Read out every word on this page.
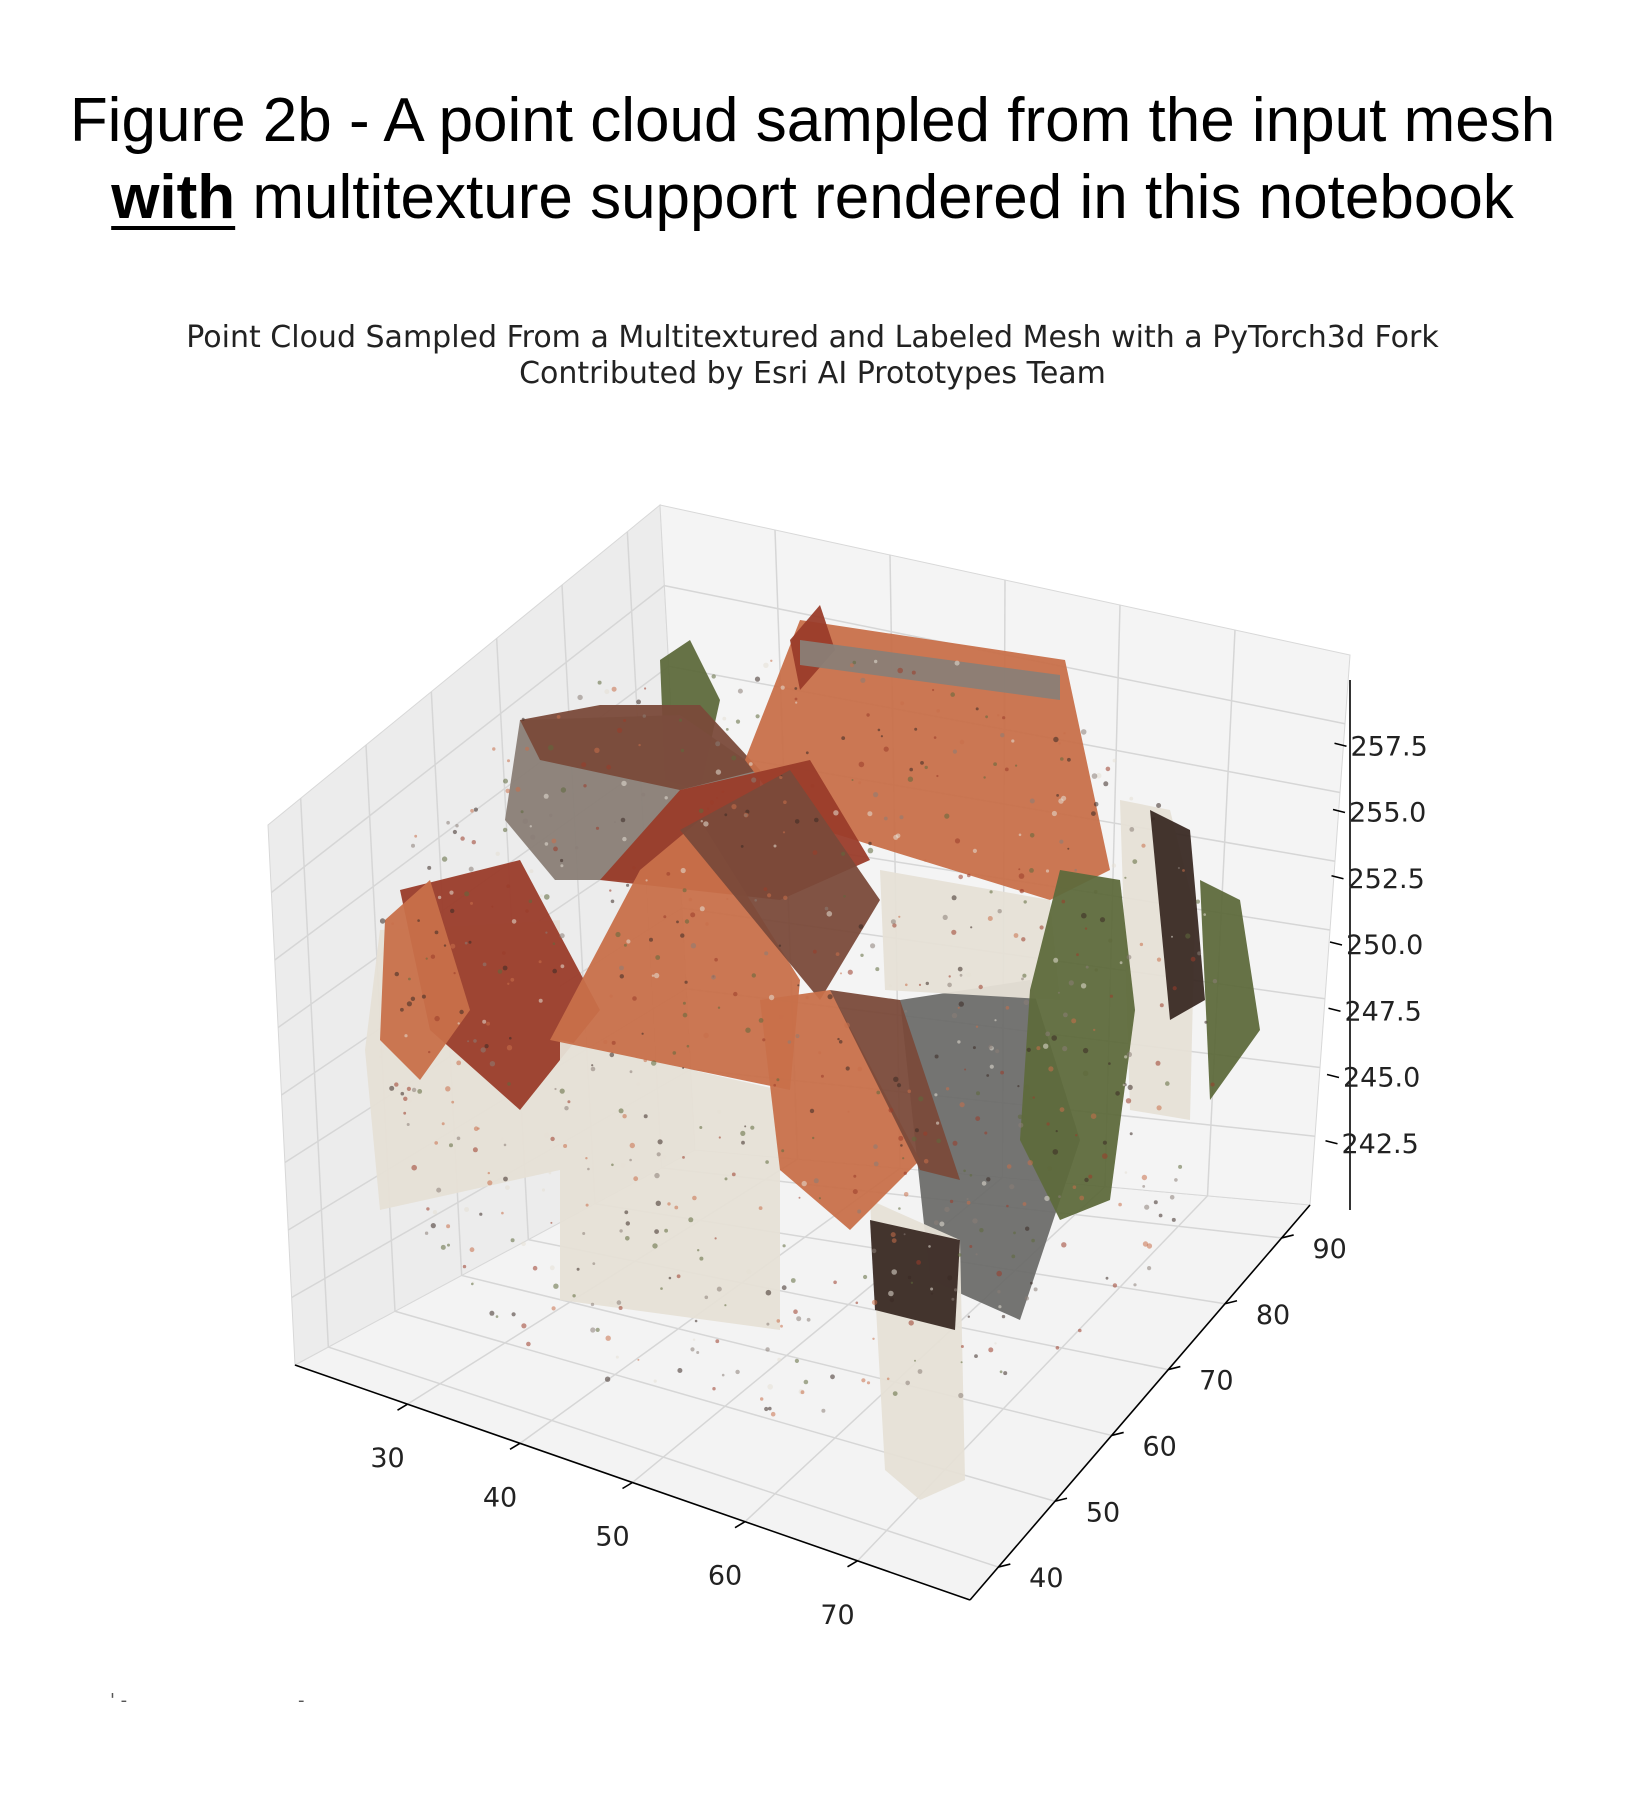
Figure 2b - A point cloud sampled from the input mesh
with multitexture support rendered in this notebook
Point Cloud Sampled From a Multitextured and Labeled Mesh with a PyTorch3d Fork
Contributed by Esri AI Prototypes Team
30
40
50
60
70
40
50
60
70
80
90
242.5
245.0
247.5
250.0
252.5
255.0
257.5
' -	-
